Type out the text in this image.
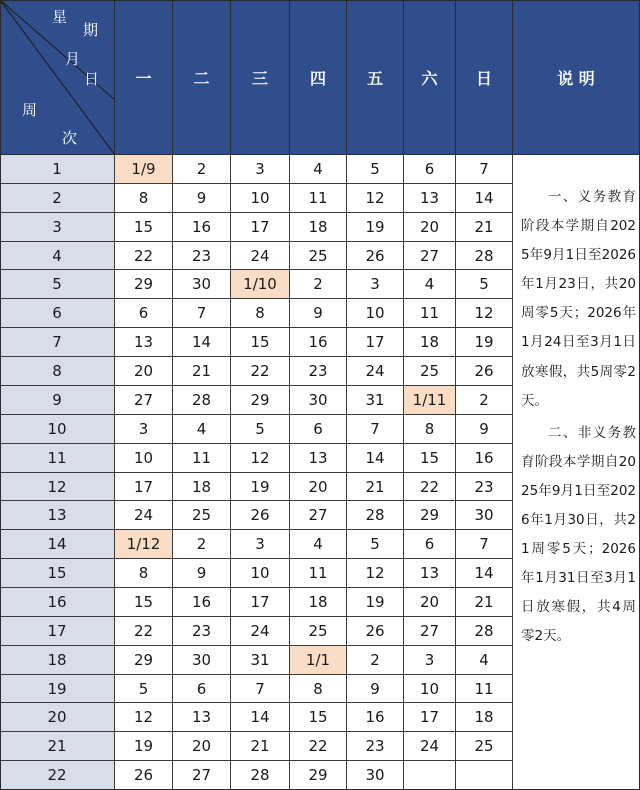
星
期
月
日
周
次
一	二	三	四	五	六	日
1	1/9	2	3	4	5	6	7
2	8	9	10	11	12	13	14
3	15	16	17	18	19	20	21
4	22	23	24	25	26	27	28
5	29	30	1/10	2	3	4	5
6	6	7	8	9	10	11	12
7	13	14	15	16	17	18	19
8	20	21	22	23	24	25	26
9	27	28	29	30	31	1/11	2
10	3	4	5	6	7	8	9
11	10	11	12	13	14	15	16
12	17	18	19	20	21	22	23
13	24	25	26	27	28	29	30
14	1/12	2	3	4	5	6	7
15	8	9	10	11	12	13	14
16	15	16	17	18	19	20	21
17	22	23	24	25	26	27	28
18	29	30	31	1/1	2	3	4
19	5	6	7	8	9	10	11
20	12	13	14	15	16	17	18
21	19	20	21	22	23	24	25
22	26	27	28	29	30
说 明

一、义务教育阶段本学期自2025年9月1日至2026年1月23日，共20周零5天；2026年1月24日至3月1日放寒假，共5周零2天。

二、非义务教育阶段本学期自2025年9月1日至2026年1月30日，共21周零5天；2026年1月31日至3月1日放寒假，共4周零2天。
